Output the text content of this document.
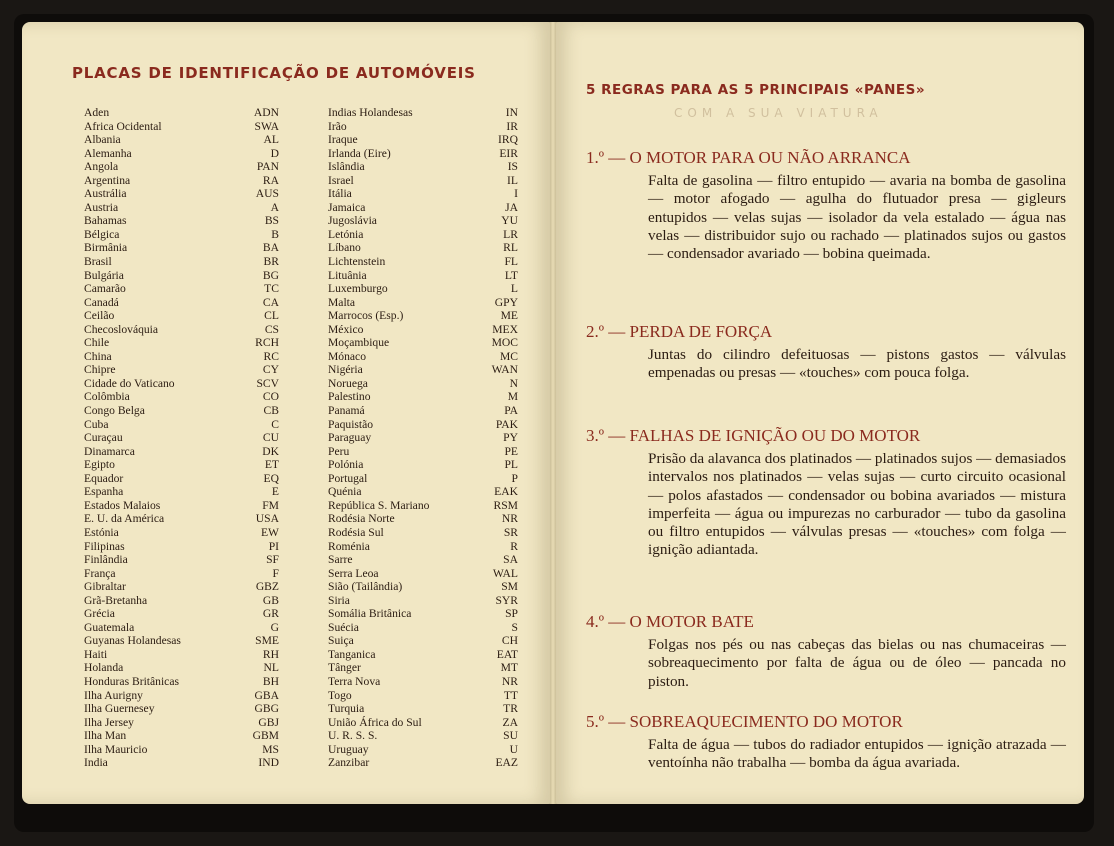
PLACAS DE IDENTIFICAÇÃO DE AUTOMÓVEIS
Aden
Africa Ocidental
Albania
Alemanha
Angola
Argentina
Austrália
Austria
Bahamas
Bélgica
Birmânia
Brasil
Bulgária
Camarão
Canadá
Ceilão
Checoslováquia
Chile
China
Chipre
Cidade do Vaticano
Colômbia
Congo Belga
Cuba
Curaçau
Dinamarca
Egipto
Equador
Espanha
Estados Malaios
E. U. da América
Estónia
Filipinas
Finlândia
França
Gibraltar
Grã-Bretanha
Grécia
Guatemala
Guyanas Holandesas
Haiti
Holanda
Honduras Britânicas
Ilha Aurigny
Ilha Guernesey
Ilha Jersey
Ilha Man
Ilha Mauricio
India
ADN
SWA
AL
D
PAN
RA
AUS
A
BS
B
BA
BR
BG
TC
CA
CL
CS
RCH
RC
CY
SCV
CO
CB
C
CU
DK
ET
EQ
E
FM
USA
EW
PI
SF
F
GBZ
GB
GR
G
SME
RH
NL
BH
GBA
GBG
GBJ
GBM
MS
IND
Indias Holandesas
Irão
Iraque
Irlanda (Eire)
Islândia
Israel
Itália
Jamaica
Jugoslávia
Letónia
Líbano
Lichtenstein
Lituânia
Luxemburgo
Malta
Marrocos (Esp.)
México
Moçambique
Mónaco
Nigéria
Noruega
Palestino
Panamá
Paquistão
Paraguay
Peru
Polónia
Portugal
Quénia
República S. Mariano
Rodésia Norte
Rodésia Sul
Roménia
Sarre
Serra Leoa
Sião (Tailândia)
Siria
Somália Britânica
Suécia
Suiça
Tanganica
Tânger
Terra Nova
Togo
Turquia
União África do Sul
U. R. S. S.
Uruguay
Zanzibar
IN
IR
IRQ
EIR
IS
IL
I
JA
YU
LR
RL
FL
LT
L
GPY
ME
MEX
MOC
MC
WAN
N
M
PA
PAK
PY
PE
PL
P
EAK
RSM
NR
SR
R
SA
WAL
SM
SYR
SP
S
CH
EAT
MT
NR
TT
TR
ZA
SU
U
EAZ
5 REGRAS PARA AS 5 PRINCIPAIS «PANES»
COM A SUA VIATURA
1.º — O MOTOR PARA OU NÃO ARRANCA
Falta de gasolina — filtro entupido — avaria na bomba de gasolina — motor afogado — agulha do flutuador presa — gigleurs entupidos — velas sujas — isolador da vela estalado — água nas velas — distribuidor sujo ou rachado — platinados sujos ou gastos — condensador avariado — bobina queimada.
2.º — PERDA DE FORÇA
Juntas do cilindro defeituosas — pistons gastos — válvulas empenadas ou presas — «touches» com pouca folga.
3.º — FALHAS DE IGNIÇÃO OU DO MOTOR
Prisão da alavanca dos platinados — platinados sujos — demasiados intervalos nos platinados — velas sujas — curto circuito ocasional — polos afastados — condensador ou bobina avariados — mistura imperfeita — água ou impurezas no carburador — tubo da gasolina ou filtro entupidos — válvulas presas — «touches» com folga — ignição adiantada.
4.º — O MOTOR BATE
Folgas nos pés ou nas cabeças das bielas ou nas chumaceiras — sobreaquecimento por falta de água ou de óleo — pancada no piston.
5.º — SOBREAQUECIMENTO DO MOTOR
Falta de água — tubos do radiador entupidos — ignição atrazada — ventoínha não trabalha — bomba da água avariada.
